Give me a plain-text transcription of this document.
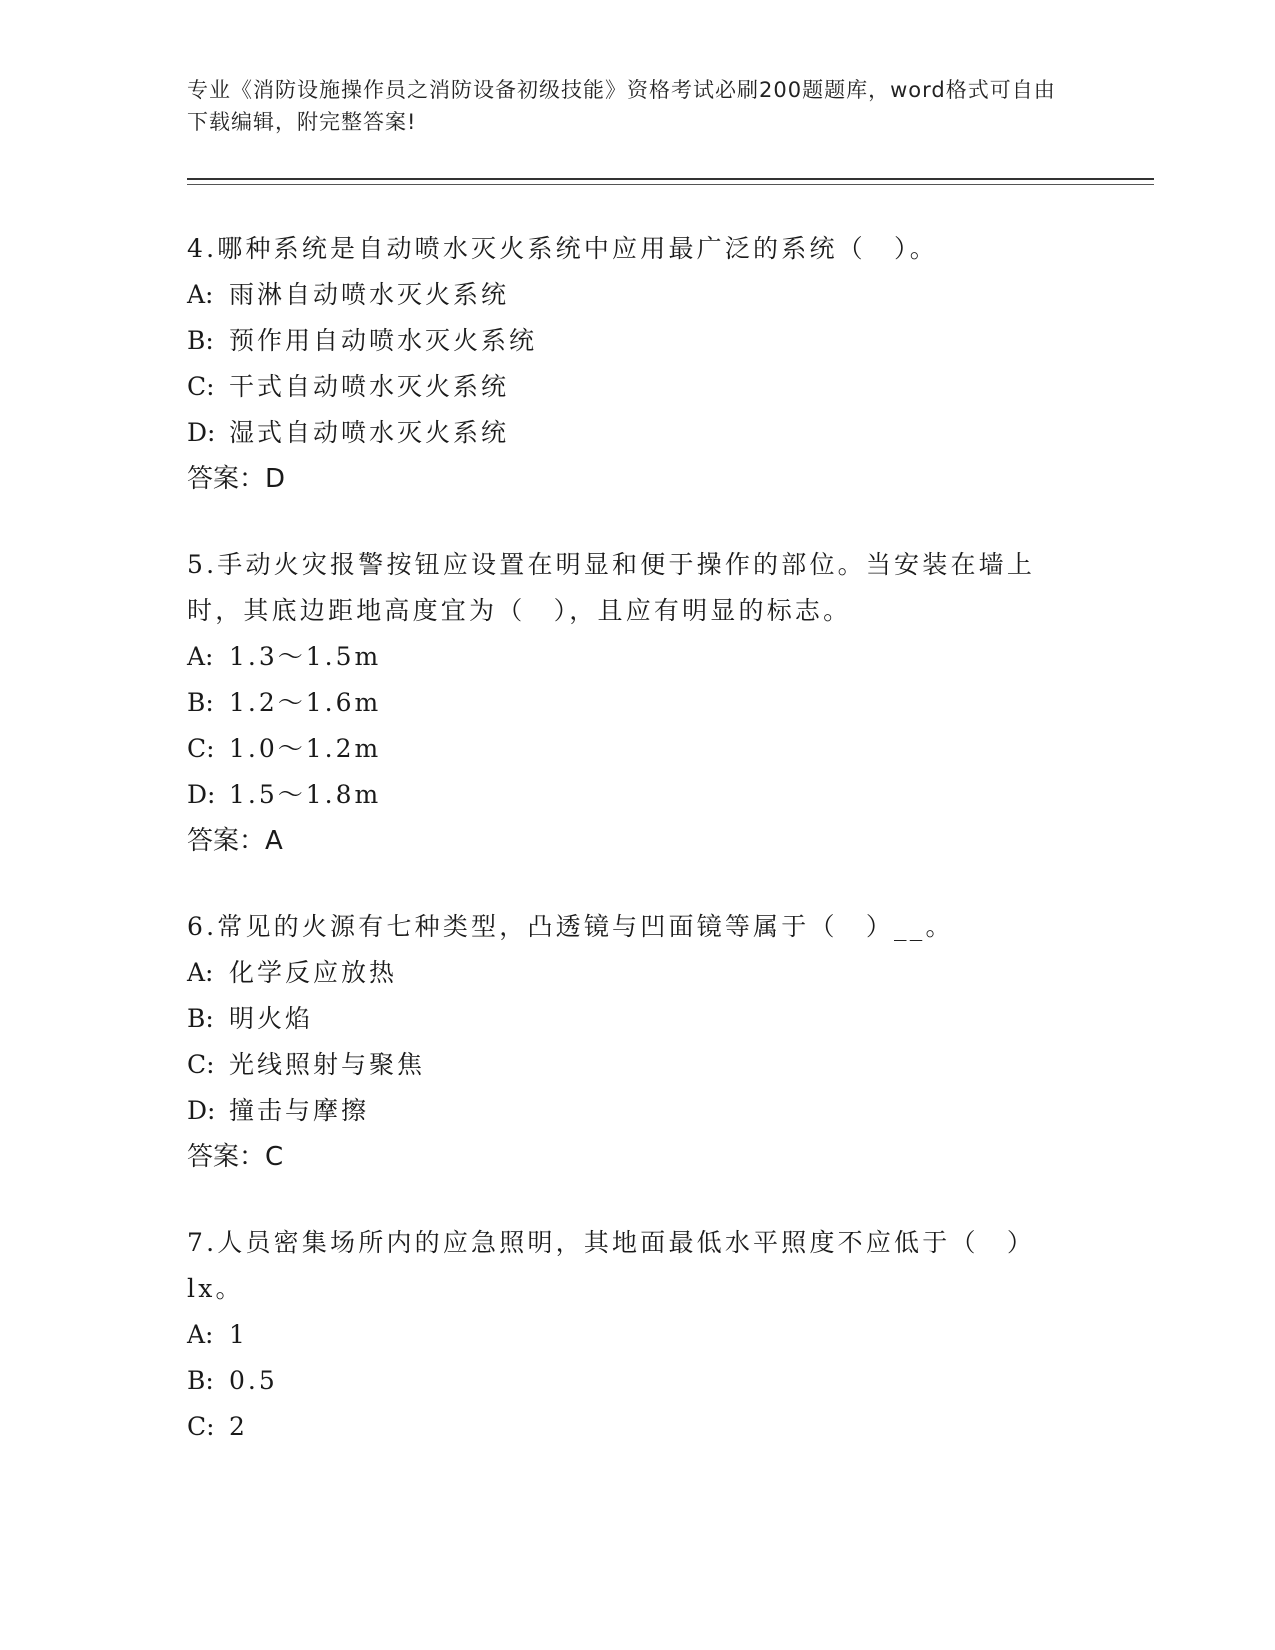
专业《消防设施操作员之消防设备初级技能》资格考试必刷200题题库，word格式可自由下载编辑，附完整答案!

4.哪种系统是自动喷水灭火系统中应用最广泛的系统（　）。

A: 雨淋自动喷水灭火系统

B: 预作用自动喷水灭火系统

C: 干式自动喷水灭火系统

D: 湿式自动喷水灭火系统

答案：D

5.手动火灾报警按钮应设置在明显和便于操作的部位。当安装在墙上时，其底边距地高度宜为（　），且应有明显的标志。

A: 1.3～1.5m

B: 1.2～1.6m

C: 1.0～1.2m

D: 1.5～1.8m

答案：A

6.常见的火源有七种类型，凸透镜与凹面镜等属于（　）__。

A: 化学反应放热

B: 明火焰

C: 光线照射与聚焦

D: 撞击与摩擦

答案：C

7.人员密集场所内的应急照明，其地面最低水平照度不应低于（　）lx。

A: 1

B: 0.5

C: 2
